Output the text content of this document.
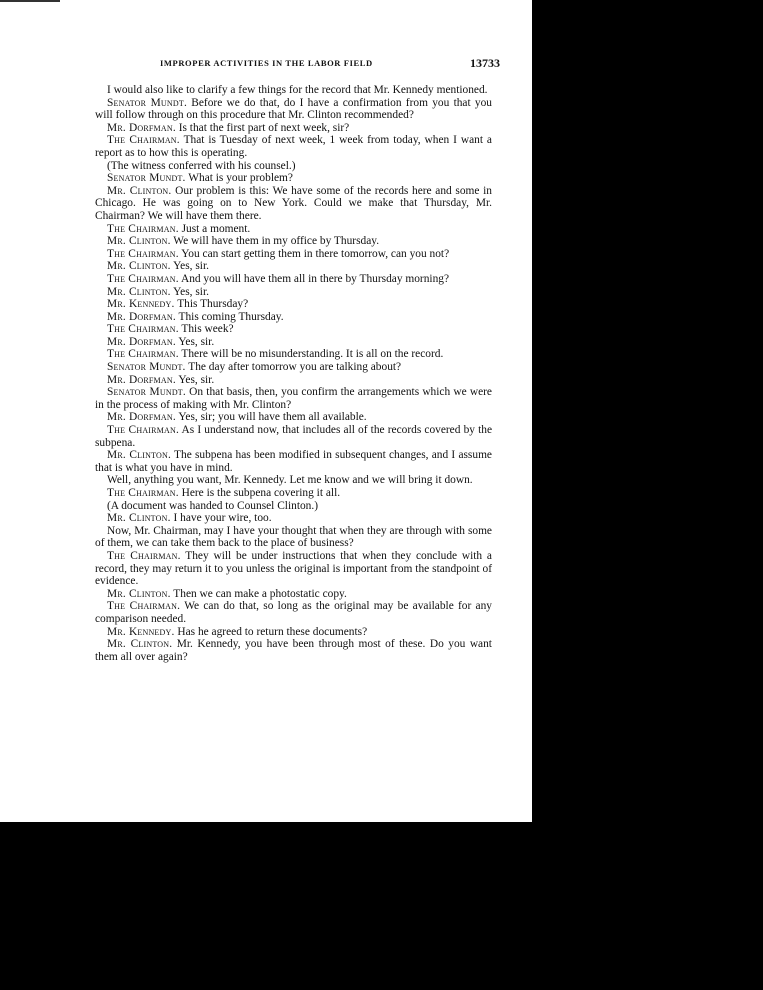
IMPROPER ACTIVITIES IN THE LABOR FIELD	13733

I would also like to clarify a few things for the record that Mr. Kennedy mentioned.

Senator Mundt. Before we do that, do I have a confirmation from you that you will follow through on this procedure that Mr. Clinton recommended?

Mr. Dorfman. Is that the first part of next week, sir?

The Chairman. That is Tuesday of next week, 1 week from today, when I want a report as to how this is operating.

(The witness conferred with his counsel.)

Senator Mundt. What is your problem?

Mr. Clinton. Our problem is this: We have some of the records here and some in Chicago. He was going on to New York. Could we make that Thursday, Mr. Chairman? We will have them there.

The Chairman. Just a moment.

Mr. Clinton. We will have them in my office by Thursday.

The Chairman. You can start getting them in there tomorrow, can you not?

Mr. Clinton. Yes, sir.

The Chairman. And you will have them all in there by Thursday morning?

Mr. Clinton. Yes, sir.

Mr. Kennedy. This Thursday?

Mr. Dorfman. This coming Thursday.

The Chairman. This week?

Mr. Dorfman. Yes, sir.

The Chairman. There will be no misunderstanding. It is all on the record.

Senator Mundt. The day after tomorrow you are talking about?

Mr. Dorfman. Yes, sir.

Senator Mundt. On that basis, then, you confirm the arrangements which we were in the process of making with Mr. Clinton?

Mr. Dorfman. Yes, sir; you will have them all available.

The Chairman. As I understand now, that includes all of the records covered by the subpena.

Mr. Clinton. The subpena has been modified in subsequent changes, and I assume that is what you have in mind.

Well, anything you want, Mr. Kennedy. Let me know and we will bring it down.

The Chairman. Here is the subpena covering it all.

(A document was handed to Counsel Clinton.)

Mr. Clinton. I have your wire, too.

Now, Mr. Chairman, may I have your thought that when they are through with some of them, we can take them back to the place of business?

The Chairman. They will be under instructions that when they conclude with a record, they may return it to you unless the original is important from the standpoint of evidence.

Mr. Clinton. Then we can make a photostatic copy.

The Chairman. We can do that, so long as the original may be available for any comparison needed.

Mr. Kennedy. Has he agreed to return these documents?

Mr. Clinton. Mr. Kennedy, you have been through most of these. Do you want them all over again?
